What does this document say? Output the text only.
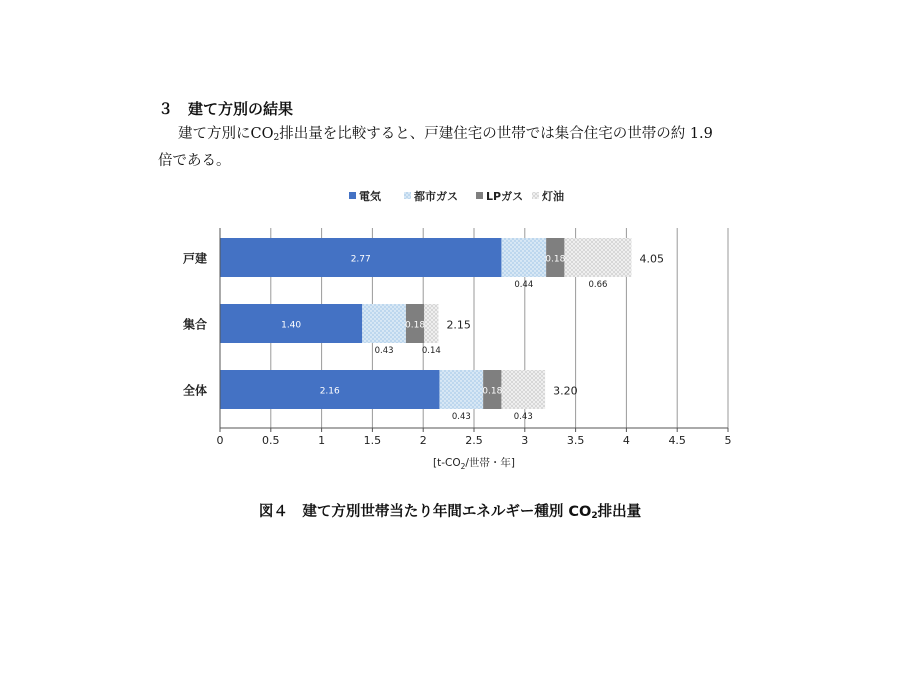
３　建て方別の結果
建て方別に$CO_2$排出量を比較すると、戸建住宅の世帯では集合住宅の世帯の約 1.9
倍である。
電気	都市ガス	LPガス 灯油
戸建	2.77
0.44
0.18
0.66
4.05
集合	1.40
0.43
0.18
0.14
2.15
全体	2.16
0.43
0.18
0.43
3.20
0	0.5	1	1.5	2	2.5	3	3.5	4	4.5	5
[$t-CO_2/$世帯・年]
図４　建て方別世帯当たり年間エネルギー種別 $CO_2$排出量
